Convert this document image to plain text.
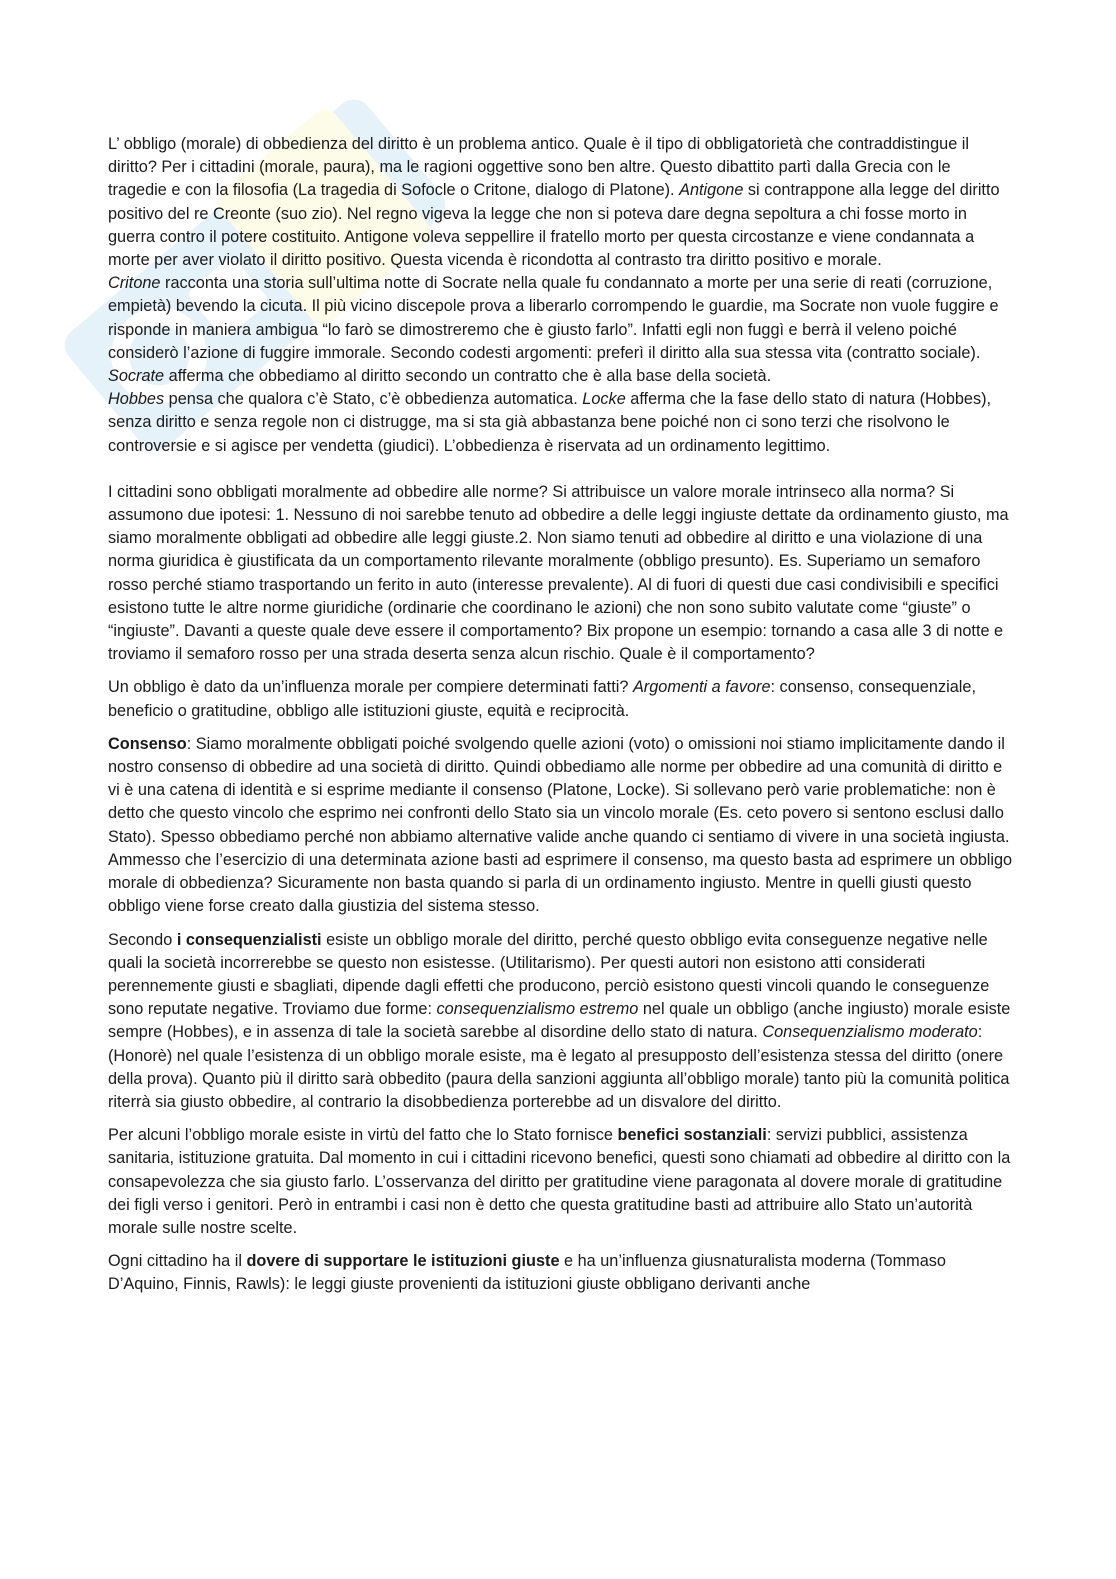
L’ obbligo (morale) di obbedienza del diritto è un problema antico. Quale è il tipo di obbligatorietà che contraddistingue il diritto? Per i cittadini (morale, paura), ma le ragioni oggettive sono ben altre. Questo dibattito partì dalla Grecia con le tragedie e con la filosofia (La tragedia di Sofocle o Critone, dialogo di Platone). Antigone si contrappone alla legge del diritto positivo del re Creonte (suo zio). Nel regno vigeva la legge che non si poteva dare degna sepoltura a chi fosse morto in guerra contro il potere costituito. Antigone voleva seppellire il fratello morto per questa circostanze e viene condannata a morte per aver violato il diritto positivo. Questa vicenda è ricondotta al contrasto tra diritto positivo e morale.

Critone racconta una storia sull’ultima notte di Socrate nella quale fu condannato a morte per una serie di reati (corruzione, empietà) bevendo la cicuta. Il più vicino discepole prova a liberarlo corrompendo le guardie, ma Socrate non vuole fuggire e risponde in maniera ambigua “lo farò se dimostreremo che è giusto farlo”. Infatti egli non fuggì e berrà il veleno poiché considerò l’azione di fuggire immorale. Secondo codesti argomenti: preferì il diritto alla sua stessa vita (contratto sociale). Socrate afferma che obbediamo al diritto secondo un contratto che è alla base della società.

Hobbes pensa che qualora c’è Stato, c’è obbedienza automatica. Locke afferma che la fase dello stato di natura (Hobbes), senza diritto e senza regole non ci distrugge, ma si sta già abbastanza bene poiché non ci sono terzi che risolvono le controversie e si agisce per vendetta (giudici). L’obbedienza è riservata ad un ordinamento legittimo.

I cittadini sono obbligati moralmente ad obbedire alle norme? Si attribuisce un valore morale intrinseco alla norma? Si assumono due ipotesi: 1. Nessuno di noi sarebbe tenuto ad obbedire a delle leggi ingiuste dettate da ordinamento giusto, ma siamo moralmente obbligati ad obbedire alle leggi giuste.2. Non siamo tenuti ad obbedire al diritto e una violazione di una norma giuridica è giustificata da un comportamento rilevante moralmente (obbligo presunto). Es. Superiamo un semaforo rosso perché stiamo trasportando un ferito in auto (interesse prevalente). Al di fuori di questi due casi condivisibili e specifici esistono tutte le altre norme giuridiche (ordinarie che coordinano le azioni) che non sono subito valutate come “giuste” o “ingiuste”. Davanti a queste quale deve essere il comportamento? Bix propone un esempio: tornando a casa alle 3 di notte e troviamo il semaforo rosso per una strada deserta senza alcun rischio. Quale è il comportamento?

Un obbligo è dato da un’influenza morale per compiere determinati fatti? Argomenti a favore: consenso, consequenziale, beneficio o gratitudine, obbligo alle istituzioni giuste, equità e reciprocità.

Consenso: Siamo moralmente obbligati poiché svolgendo quelle azioni (voto) o omissioni noi stiamo implicitamente dando il nostro consenso di obbedire ad una società di diritto. Quindi obbediamo alle norme per obbedire ad una comunità di diritto e vi è una catena di identità e si esprime mediante il consenso (Platone, Locke). Si sollevano però varie problematiche: non è detto che questo vincolo che esprimo nei confronti dello Stato sia un vincolo morale (Es. ceto povero si sentono esclusi dallo Stato). Spesso obbediamo perché non abbiamo alternative valide anche quando ci sentiamo di vivere in una società ingiusta. Ammesso che l’esercizio di una determinata azione basti ad esprimere il consenso, ma questo basta ad esprimere un obbligo morale di obbedienza? Sicuramente non basta quando si parla di un ordinamento ingiusto. Mentre in quelli giusti questo obbligo viene forse creato dalla giustizia del sistema stesso.

Secondo i consequenzialisti esiste un obbligo morale del diritto, perché questo obbligo evita conseguenze negative nelle quali la società incorrerebbe se questo non esistesse. (Utilitarismo). Per questi autori non esistono atti considerati perennemente giusti e sbagliati, dipende dagli effetti che producono, perciò esistono questi vincoli quando le conseguenze sono reputate negative. Troviamo due forme: consequenzialismo estremo nel quale un obbligo (anche ingiusto) morale esiste sempre (Hobbes), e in assenza di tale la società sarebbe al disordine dello stato di natura. Consequenzialismo moderato: (Honorè) nel quale l’esistenza di un obbligo morale esiste, ma è legato al presupposto dell’esistenza stessa del diritto (onere della prova). Quanto più il diritto sarà obbedito (paura della sanzioni aggiunta all’obbligo morale) tanto più la comunità politica riterrà sia giusto obbedire, al contrario la disobbedienza porterebbe ad un disvalore del diritto.

Per alcuni l’obbligo morale esiste in virtù del fatto che lo Stato fornisce benefici sostanziali: servizi pubblici, assistenza sanitaria, istituzione gratuita. Dal momento in cui i cittadini ricevono benefici, questi sono chiamati ad obbedire al diritto con la consapevolezza che sia giusto farlo. L’osservanza del diritto per gratitudine viene paragonata al dovere morale di gratitudine dei figli verso i genitori. Però in entrambi i casi non è detto che questa gratitudine basti ad attribuire allo Stato un’autorità morale sulle nostre scelte.

Ogni cittadino ha il dovere di supportare le istituzioni giuste e ha un’influenza giusnaturalista moderna (Tommaso D’Aquino, Finnis, Rawls): le leggi giuste provenienti da istituzioni giuste obbligano derivanti anche
